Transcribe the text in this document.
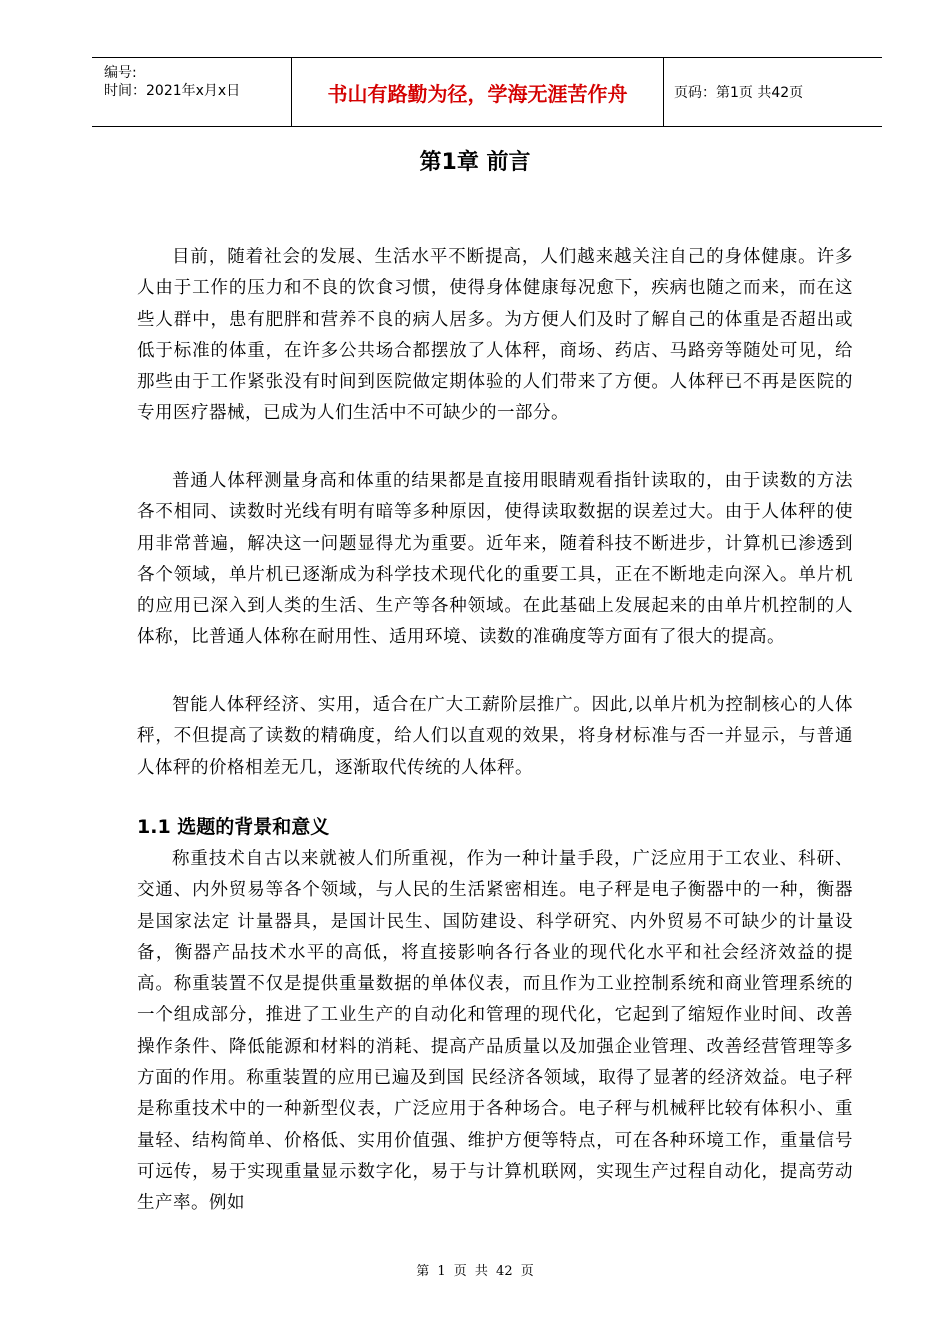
编号:
时间：2021年x月x日	书山有路勤为径，学海无涯苦作舟	页码：第1页 共42页
第1章 前言

目前，随着社会的发展、生活水平不断提高，人们越来越关注自己的身体健康。许多人由于工作的压力和不良的饮食习惯，使得身体健康每况愈下，疾病也随之而来，而在这些人群中，患有肥胖和营养不良的病人居多。为方便人们及时了解自己的体重是否超出或低于标准的体重，在许多公共场合都摆放了人体秤，商场、药店、马路旁等随处可见，给那些由于工作紧张没有时间到医院做定期体验的人们带来了方便。人体秤已不再是医院的专用医疗器械，已成为人们生活中不可缺少的一部分。

普通人体秤测量身高和体重的结果都是直接用眼睛观看指针读取的，由于读数的方法各不相同、读数时光线有明有暗等多种原因，使得读取数据的误差过大。由于人体秤的使用非常普遍，解决这一问题显得尤为重要。近年来，随着科技不断进步，计算机已渗透到各个领域，单片机已逐渐成为科学技术现代化的重要工具，正在不断地走向深入。单片机的应用已深入到人类的生活、生产等各种领域。在此基础上发展起来的由单片机控制的人体称，比普通人体称在耐用性、适用环境、读数的准确度等方面有了很大的提高。

智能人体秤经济、实用，适合在广大工薪阶层推广。因此,以单片机为控制核心的人体秤，不但提高了读数的精确度，给人们以直观的效果，将身材标准与否一并显示，与普通人体秤的价格相差无几，逐渐取代传统的人体秤。

1.1 选题的背景和意义

称重技术自古以来就被人们所重视，作为一种计量手段，广泛应用于工农业、科研、交通、内外贸易等各个领域，与人民的生活紧密相连。电子秤是电子衡器中的一种，衡器是国家法定 计量器具，是国计民生、国防建设、科学研究、内外贸易不可缺少的计量设备，衡器产品技术水平的高低，将直接影响各行各业的现代化水平和社会经济效益的提高。称重装置不仅是提供重量数据的单体仪表，而且作为工业控制系统和商业管理系统的一个组成部分，推进了工业生产的自动化和管理的现代化，它起到了缩短作业时间、改善操作条件、降低能源和材料的消耗、提高产品质量以及加强企业管理、改善经营管理等多方面的作用。称重装置的应用已遍及到国 民经济各领域，取得了显著的经济效益。电子秤是称重技术中的一种新型仪表，广泛应用于各种场合。电子秤与机械秤比较有体积小、重量轻、结构简单、价格低、实用价值强、维护方便等特点，可在各种环境工作，重量信号可远传，易于实现重量显示数字化，易于与计算机联网，实现生产过程自动化，提高劳动生产率。例如

第 1 页 共 42 页
